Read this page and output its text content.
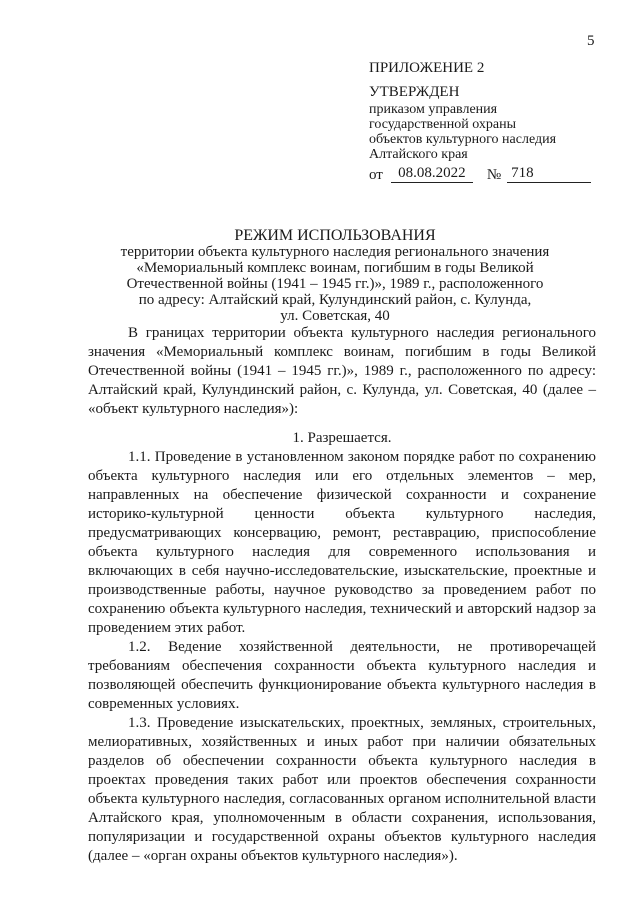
5
ПРИЛОЖЕНИЕ 2
УТВЕРЖДЕН
приказом управления
государственной охраны
объектов культурного наследия
Алтайского края
от	08.08.2022	№ 718
РЕЖИМ ИСПОЛЬЗОВАНИЯ
территории объекта культурного наследия регионального значения
«Мемориальный комплекс воинам, погибшим в годы Великой
Отечественной войны (1941 – 1945 гг.)», 1989 г., расположенного
по адресу: Алтайский край, Кулундинский район, с. Кулунда,
ул. Советская, 40

В границах территории объекта культурного наследия регионального значения «Мемориальный комплекс воинам, погибшим в годы Великой Отечественной войны (1941 – 1945 гг.)», 1989 г., расположенного по адресу: Алтайский край, Кулундинский район, с. Кулунда, ул. Советская, 40 (далее – «объект культурного наследия»):

1. Разрешается.

1.1. Проведение в установленном законом порядке работ по сохранению объекта культурного наследия или его отдельных элементов – мер, направленных на обеспечение физической сохранности и сохранение историко-культурной ценности объекта культурного наследия, предусматривающих консервацию, ремонт, реставрацию, приспособление объекта культурного наследия для современного использования и включающих в себя научно-исследовательские, изыскательские, проектные и производственные работы, научное руководство за проведением работ по сохранению объекта культурного наследия, технический и авторский надзор за проведением этих работ.

1.2. Ведение хозяйственной деятельности, не противоречащей требованиям обеспечения сохранности объекта культурного наследия и позволяющей обеспечить функционирование объекта культурного наследия в современных условиях.

1.3. Проведение изыскательских, проектных, земляных, строительных, мелиоративных, хозяйственных и иных работ при наличии обязательных разделов об обеспечении сохранности объекта культурного наследия в проектах проведения таких работ или проектов обеспечения сохранности объекта культурного наследия, согласованных органом исполнительной власти Алтайского края, уполномоченным в области сохранения, использования, популяризации и государственной охраны объектов культурного наследия (далее – «орган охраны объектов культурного наследия»).
